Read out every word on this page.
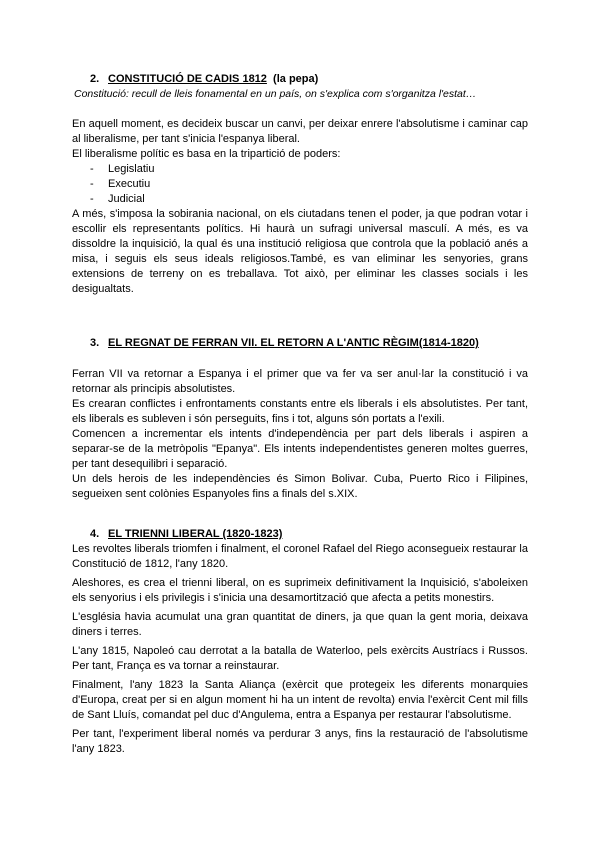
2. CONSTITUCIÓ DE CADIS 1812 (la pepa)

Constitució: recull de lleis fonamental en un país, on s'explica com s'organitza l'estat…

En aquell moment, es decideix buscar un canvi, per deixar enrere l'absolutisme i caminar cap al liberalisme, per tant s'inicia l'espanya liberal.

El liberalisme polític es basa en la tripartició de poders:

- Legislatiu
- Executiu
- Judicial

A més, s'imposa la sobirania nacional, on els ciutadans tenen el poder, ja que podran votar i escollir els representants polítics. Hi haurà un sufragi universal masculí. A més, es va dissoldre la inquisició, la qual és una institució religiosa que controla que la població anés a misa, i seguis els seus ideals religiosos.També, es van eliminar les senyories, grans extensions de terreny on es treballava. Tot això, per eliminar les classes socials i les desigualtats.

3. EL REGNAT DE FERRAN VII. EL RETORN A L'ANTIC RÈGIM(1814-1820)

Ferran VII va retornar a Espanya i el primer que va fer va ser anul·lar la constitució i va retornar als principis absolutistes.

Es crearan conflictes i enfrontaments constants entre els liberals i els absolutistes. Per tant, els liberals es subleven i són perseguits, fins i tot, alguns són portats a l'exili.

Comencen a incrementar els intents d'independència per part dels liberals i aspiren a separar-se de la metròpolis "Epanya". Els intents independentistes generen moltes guerres, per tant desequilibri i separació.

Un dels herois de les independències és Simon Bolivar. Cuba, Puerto Rico i Filipines, segueixen sent colònies Espanyoles fins a finals del s.XIX.

4. EL TRIENNI LIBERAL (1820-1823)

Les revoltes liberals triomfen i finalment, el coronel Rafael del Riego aconsegueix restaurar la Constitució de 1812, l'any 1820.

Aleshores, es crea el trienni liberal, on es suprimeix definitivament la Inquisició, s'aboleixen els senyorius i els privilegis i s'inicia una desamortització que afecta a petits monestirs.

L'església havia acumulat una gran quantitat de diners, ja que quan la gent moria, deixava diners i terres.

L'any 1815, Napoleó cau derrotat a la batalla de Waterloo, pels exèrcits Austríacs i Russos. Per tant, França es va tornar a reinstaurar.

Finalment, l'any 1823 la Santa Aliança (exèrcit que protegeix les diferents monarquies d'Europa, creat per si en algun moment hi ha un intent de revolta) envia l'exèrcit Cent mil fills de Sant Lluís, comandat pel duc d'Angulema, entra a Espanya per restaurar l'absolutisme.

Per tant, l'experiment liberal només va perdurar 3 anys, fins la restauració de l'absolutisme l'any 1823.
